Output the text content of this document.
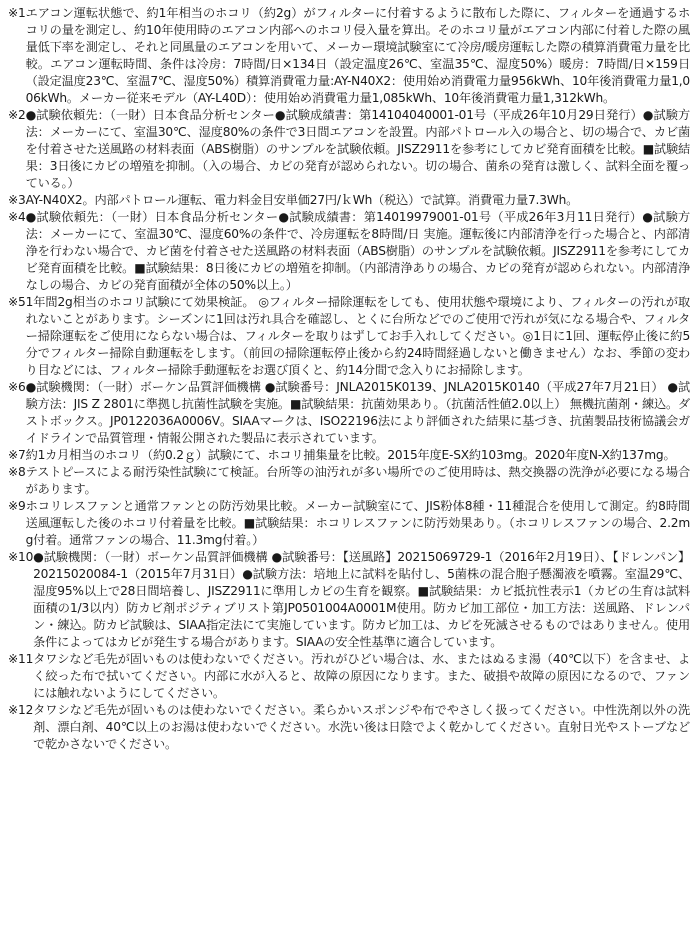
※1 エアコン運転状態で、約1年相当のホコリ（約2g）がフィルターに付着するように散布した際に、フィルターを通過するホコリの量を測定し、約10年使用時のエアコン内部へのホコリ侵入量を算出。そのホコリ量がエアコン内部に付着した際の風量低下率を測定し、それと同風量のエアコンを用いて、メーカー環境試験室にて冷房/暖房運転した際の積算消費電力量を比較。エアコン運転時間、条件は冷房：7時間/日×134日（設定温度26℃、室温35℃、湿度50%）暖房：7時間/日×159日（設定温度23℃、室温7℃、湿度50%）積算消費電力量:AY-N40X2：使用始め消費電力量956kWh、10年後消費電力量1,006kWh。メーカー従来モデル（AY-L40D）：使用始め消費電力量1,085kWh、10年後消費電力量1,312kWh。
※2 ●試験依頼先：（一財）日本食品分析センター●試験成績書：第14104040001-01号（平成26年10月29日発行）●試験方法：メーカーにて、室温30℃、湿度80%の条件で3日間エアコンを設置。内部パトロール入の場合と、切の場合で、カビ菌を付着させた送風路の材料表面（ABS樹脂）のサンプルを試験依頼。JISZ2911を参考にしてカビ発育面積を比較。■試験結果：3日後にカビの増殖を抑制。（入の場合、カビの発育が認められない。切の場合、菌糸の発育は激しく、試料全面を覆っている。）
※3 AY-N40X2。内部パトロール運転、電力料金目安単価27円/ｋWh（税込）で試算。消費電力量7.3Wh。
※4 ●試験依頼先：（一財）日本食品分析センター●試験成績書：第14019979001-01号（平成26年3月11日発行）●試験方法：メーカーにて、室温30℃、湿度60%の条件で、冷房運転を8時間/日 実施。運転後に内部清浄を行った場合と、内部清浄を行わない場合で、カビ菌を付着させた送風路の材料表面（ABS樹脂）のサンプルを試験依頼。JISZ2911を参考にしてカビ発育面積を比較。■試験結果：8日後にカビの増殖を抑制。（内部清浄ありの場合、カビの発育が認められない。内部清浄なしの場合、カビの発育面積が全体の50%以上。）
※5 1年間2g相当のホコリ試験にて効果検証。 ◎フィルター掃除運転をしても、使用状態や環境により、フィルターの汚れが取れないことがあります。シーズンに1回は汚れ具合を確認し、とくに台所などでのご使用で汚れが気になる場合や、フィルター掃除運転をご使用にならない場合は、フィルターを取りはずしてお手入れしてください。◎1日に1回、運転停止後に約5分でフィルター掃除自動運転をします。（前回の掃除運転停止後から約24時間経過しないと働きません）なお、季節の変わり目などには、フィルター掃除手動運転をお選び頂くと、約14分間で念入りにお掃除します。
※6 ●試験機関：（一財）ボーケン品質評価機構 ●試験番号：JNLA2015K0139、JNLA2015K0140（平成27年7月21日） ●試験方法：JIS Z 2801に準拠し抗菌性試験を実施。■試験結果：抗菌効果あり。（抗菌活性値2.0以上） 無機抗菌剤・練込。ダストボックス。JP0122036A0006V。SIAAマークは、ISO22196法により評価された結果に基づき、抗菌製品技術協議会ガイドラインで品質管理・情報公開された製品に表示されています。
※7 約1カ月相当のホコリ（約0.2ｇ）試験にて、ホコリ捕集量を比較。2015年度E-SX約103mg。2020年度N-X約137mg。
※8 テストピースによる耐汚染性試験にて検証。台所等の油汚れが多い場所でのご使用時は、熱交換器の洗浄が必要になる場合があります。
※9 ホコリレスファンと通常ファンとの防汚効果比較。メーカー試験室にて、JIS粉体8種・11種混合を使用して測定。約8時間送風運転した後のホコリ付着量を比較。■試験結果：ホコリレスファンに防汚効果あり。（ホコリレスファンの場合、2.2mg付着。通常ファンの場合、11.3mg付着。）
※10 ●試験機関：（一財）ボーケン品質評価機構 ●試験番号：【送風路】20215069729-1（2016年2月19日）、【ドレンパン】20215020084-1（2015年7月31日）●試験方法：培地上に試料を貼付し、5菌株の混合胞子懸濁液を噴霧。室温29℃、湿度95%以上で28日間培養し、JISZ2911に準用しカビの生育を観察。■試験結果：カビ抵抗性表示1（カビの生育は試料面積の1/3以内）防カビ剤ポジティブリスト第JP0501004A0001M使用。防カビ加工部位・加工方法：送風路、ドレンパン・練込。防カビ試験は、SIAA指定法にて実施しています。防カビ加工は、カビを死滅させるものではありません。使用条件によってはカビが発生する場合があります。SIAAの安全性基準に適合しています。
※11 タワシなど毛先が固いものは使わないでください。汚れがひどい場合は、水、またはぬるま湯（40℃以下）を含ませ、よく絞った布で拭いてください。内部に水が入ると、故障の原因になります。また、破損や故障の原因になるので、ファンには触れないようにしてください。
※12 タワシなど毛先が固いものは使わないでください。柔らかいスポンジや布でやさしく扱ってください。中性洗剤以外の洗剤、漂白剤、40℃以上のお湯は使わないでください。水洗い後は日陰でよく乾かしてください。直射日光やストーブなどで乾かさないでください。
